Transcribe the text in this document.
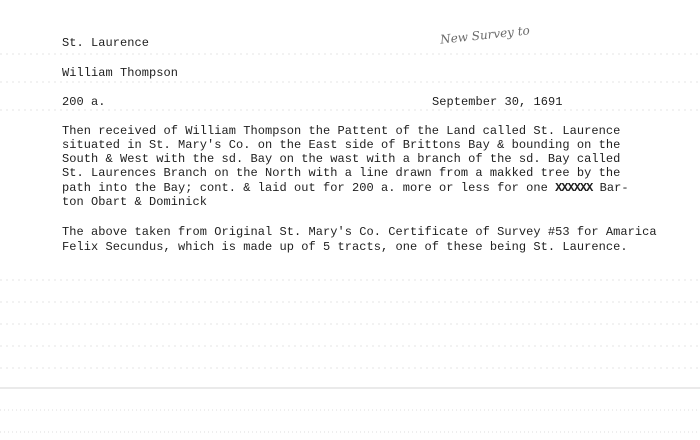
New Survey to
St. Laurence
William Thompson
200 a.	September 30, 1691
Then received of William Thompson the Pattent of the Land called St. Laurence
situated in St. Mary's Co. on the East side of Brittons Bay & bounding on the
South & West with the sd. Bay on the wast with a branch of the sd. Bay called
St. Laurences Branch on the North with a line drawn from a makked tree by the
path into the Bay; cont. & laid out for 200 a. more or less for one XXXXXX Bar-
ton Obart & Dominick
The above taken from Original St. Mary's Co. Certificate of Survey #53 for Amarica
Felix Secundus, which is made up of 5 tracts, one of these being St. Laurence.
